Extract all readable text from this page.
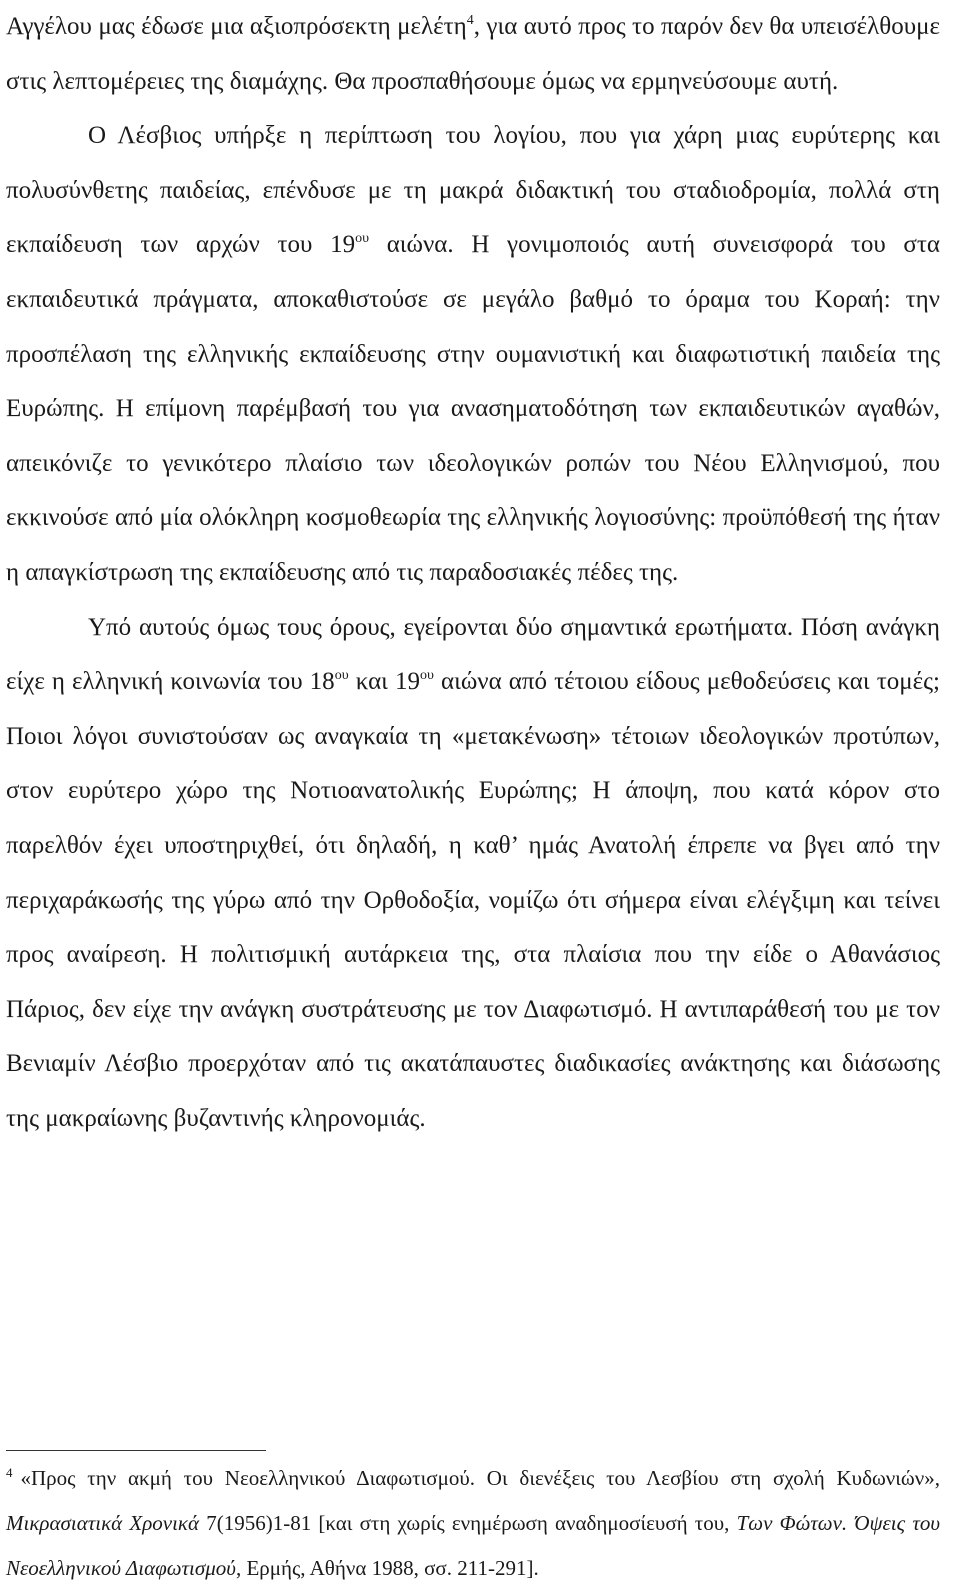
Αγγέλου μας έδωσε μια αξιοπρόσεκτη μελέτη$^4$, για αυτό προς το παρόν δεν θα υπεισέλθουμε στις λεπτομέρειες της διαμάχης. Θα προσπαθήσουμε όμως να ερμηνεύσουμε αυτή.

Ο Λέσβιος υπήρξε η περίπτωση του λογίου, που για χάρη μιας ευρύτερης και πολυσύνθετης παιδείας, επένδυσε με τη μακρά διδακτική του σταδιοδρομία, πολλά στη εκπαίδευση των αρχών του $19^{o\upsilon}$ αιώνα. Η γονιμοποιός αυτή συνεισφορά του στα εκπαιδευτικά πράγματα, αποκαθιστούσε σε μεγάλο βαθμό το όραμα του Κοραή: την προσπέλαση της ελληνικής εκπαίδευσης στην ουμανιστική και διαφωτιστική παιδεία της Ευρώπης. Η επίμονη παρέμβασή του για ανασηματοδότηση των εκπαιδευτικών αγαθών, απεικόνιζε το γενικότερο πλαίσιο των ιδεολογικών ροπών του Νέου Ελληνισμού, που εκκινούσε από μία ολόκληρη κοσμοθεωρία της ελληνικής λογιοσύνης: προϋπόθεσή της ήταν η απαγκίστρωση της εκπαίδευσης από τις παραδοσιακές πέδες της.

Υπό αυτούς όμως τους όρους, εγείρονται δύο σημαντικά ερωτήματα. Πόση ανάγκη είχε η ελληνική κοινωνία του $18^{o\upsilon}$ και $19^{o\upsilon}$ αιώνα από τέτοιου είδους μεθοδεύσεις και τομές; Ποιοι λόγοι συνιστούσαν ως αναγκαία τη «μετακένωση» τέτοιων ιδεολογικών προτύπων, στον ευρύτερο χώρο της Νοτιοανατολικής Ευρώπης; Η άποψη, που κατά κόρον στο παρελθόν έχει υποστηριχθεί, ότι δηλαδή, η καθ’ ημάς Ανατολή έπρεπε να βγει από την περιχαράκωσής της γύρω από την Ορθοδοξία, νομίζω ότι σήμερα είναι ελέγξιμη και τείνει προς αναίρεση. Η πολιτισμική αυτάρκεια της, στα πλαίσια που την είδε ο Αθανάσιος Πάριος, δεν είχε την ανάγκη συστράτευσης με τον Διαφωτισμό. Η αντιπαράθεσή του με τον Βενιαμίν Λέσβιο προερχόταν από τις ακατάπαυστες διαδικασίες ανάκτησης και διάσωσης της μακραίωνης βυζαντινής κληρονομιάς.

$^4$ «Προς την ακμή του Νεοελληνικού Διαφωτισμού. Οι διενέξεις του Λεσβίου στη σχολή Κυδωνιών», Μικρασιατικά Χρονικά 7(1956)1-81 [και στη χωρίς ενημέρωση αναδημοσίευσή του, Των Φώτων. Όψεις του Νεοελληνικού Διαφωτισμού, Ερμής, Αθήνα 1988, σσ. 211-291].
